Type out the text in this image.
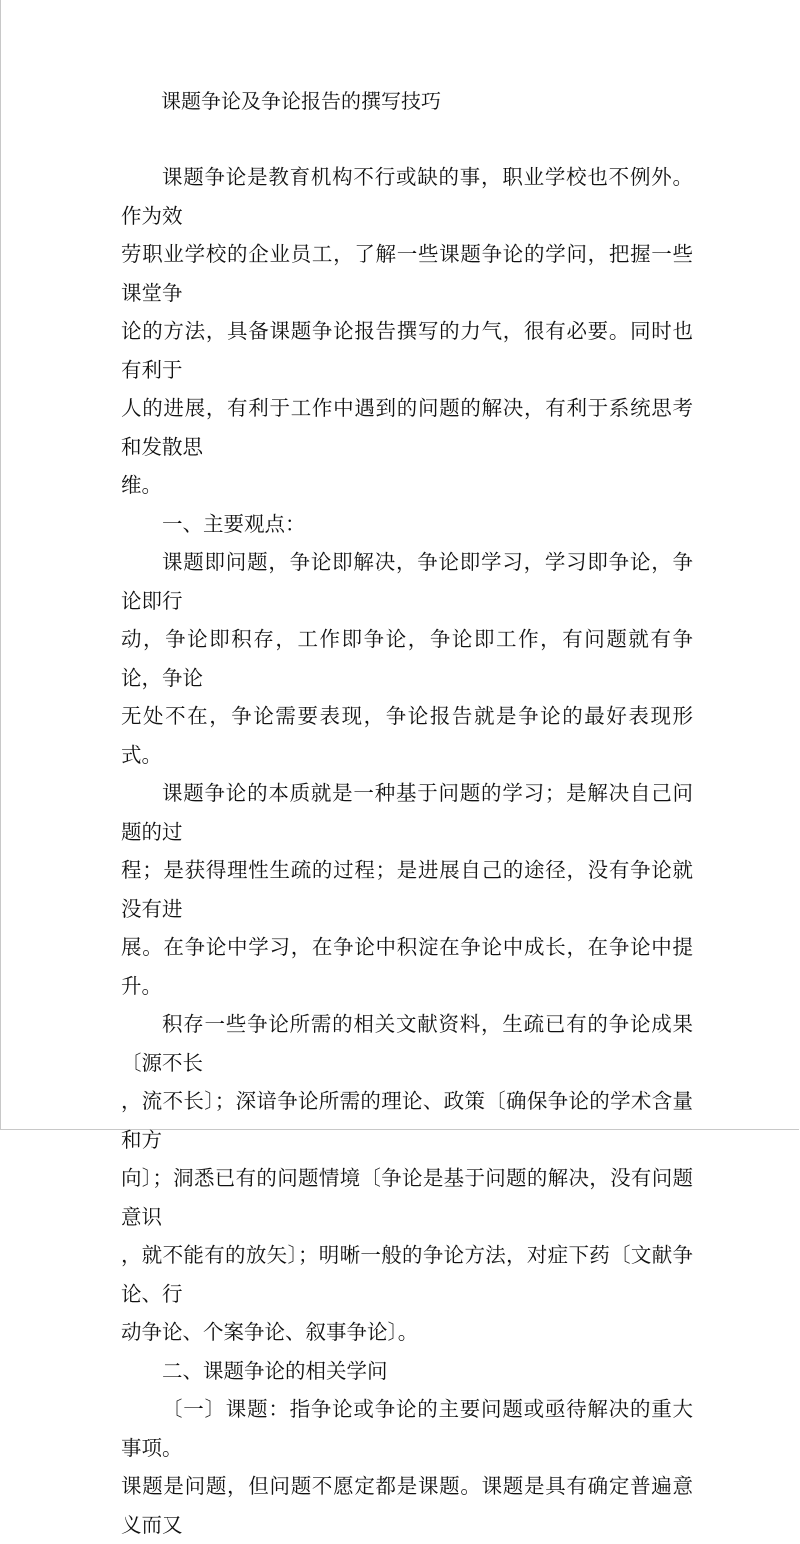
课题争论及争论报告的撰写技巧

课题争论是教育机构不行或缺的事，职业学校也不例外。作为效
劳职业学校的企业员工，了解一些课题争论的学问，把握一些课堂争
论的方法，具备课题争论报告撰写的力气，很有必要。同时也有利于
人的进展，有利于工作中遇到的问题的解决，有利于系统思考和发散思
维。

一、主要观点：

课题即问题，争论即解决，争论即学习，学习即争论，争论即行
动，争论即积存，工作即争论，争论即工作，有问题就有争论，争论
无处不在，争论需要表现，争论报告就是争论的最好表现形式。

课题争论的本质就是一种基于问题的学习；是解决自己问题的过
程；是获得理性生疏的过程；是进展自己的途径，没有争论就没有进
展。在争论中学习，在争论中积淀在争论中成长，在争论中提升。

积存一些争论所需的相关文献资料，生疏已有的争论成果〔源不长
，流不长〕；深谙争论所需的理论、政策〔确保争论的学术含量和方
向〕；洞悉已有的问题情境〔争论是基于问题的解决，没有问题意识
，就不能有的放矢〕；明晰一般的争论方法，对症下药〔文献争论、行
动争论、个案争论、叙事争论〕。

二、课题争论的相关学问

〔一〕课题：指争论或争论的主要问题或亟待解决的重大事项。
课题是问题，但问题不愿定都是课题。课题是具有确定普遍意义而又
